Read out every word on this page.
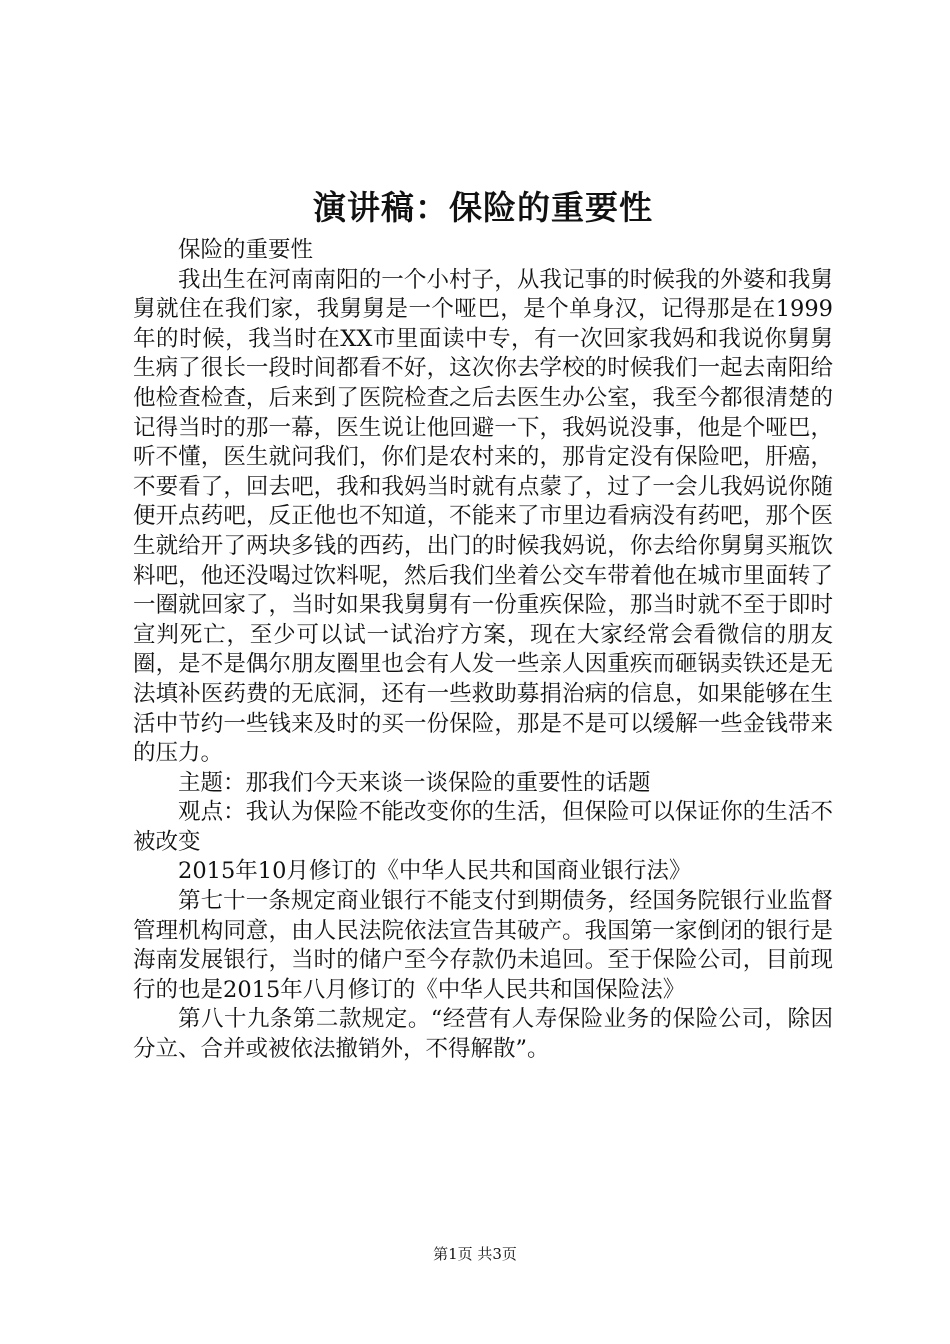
演讲稿：保险的重要性

保险的重要性

我出生在河南南阳的一个小村子，从我记事的时候我的外婆和我舅舅就住在我们家，我舅舅是一个哑巴，是个单身汉，记得那是在1999年的时候，我当时在XX市里面读中专，有一次回家我妈和我说你舅舅生病了很长一段时间都看不好，这次你去学校的时候我们一起去南阳给他检查检查，后来到了医院检查之后去医生办公室，我至今都很清楚的记得当时的那一幕，医生说让他回避一下，我妈说没事，他是个哑巴，听不懂，医生就问我们，你们是农村来的，那肯定没有保险吧，肝癌，不要看了，回去吧，我和我妈当时就有点蒙了，过了一会儿我妈说你随便开点药吧，反正他也不知道，不能来了市里边看病没有药吧，那个医生就给开了两块多钱的西药，出门的时候我妈说，你去给你舅舅买瓶饮料吧，他还没喝过饮料呢，然后我们坐着公交车带着他在城市里面转了一圈就回家了，当时如果我舅舅有一份重疾保险，那当时就不至于即时宣判死亡，至少可以试一试治疗方案，现在大家经常会看微信的朋友圈，是不是偶尔朋友圈里也会有人发一些亲人因重疾而砸锅卖铁还是无法填补医药费的无底洞，还有一些救助募捐治病的信息，如果能够在生活中节约一些钱来及时的买一份保险，那是不是可以缓解一些金钱带来的压力。

主题：那我们今天来谈一谈保险的重要性的话题

观点：我认为保险不能改变你的生活，但保险可以保证你的生活不被改变

2015年10月修订的《中华人民共和国商业银行法》

第七十一条规定商业银行不能支付到期债务，经国务院银行业监督管理机构同意，由人民法院依法宣告其破产。我国第一家倒闭的银行是海南发展银行，当时的储户至今存款仍未追回。至于保险公司，目前现行的也是2015年八月修订的《中华人民共和国保险法》

第八十九条第二款规定。“经营有人寿保险业务的保险公司，除因分立、合并或被依法撤销外，不得解散”。

第1页 共3页
